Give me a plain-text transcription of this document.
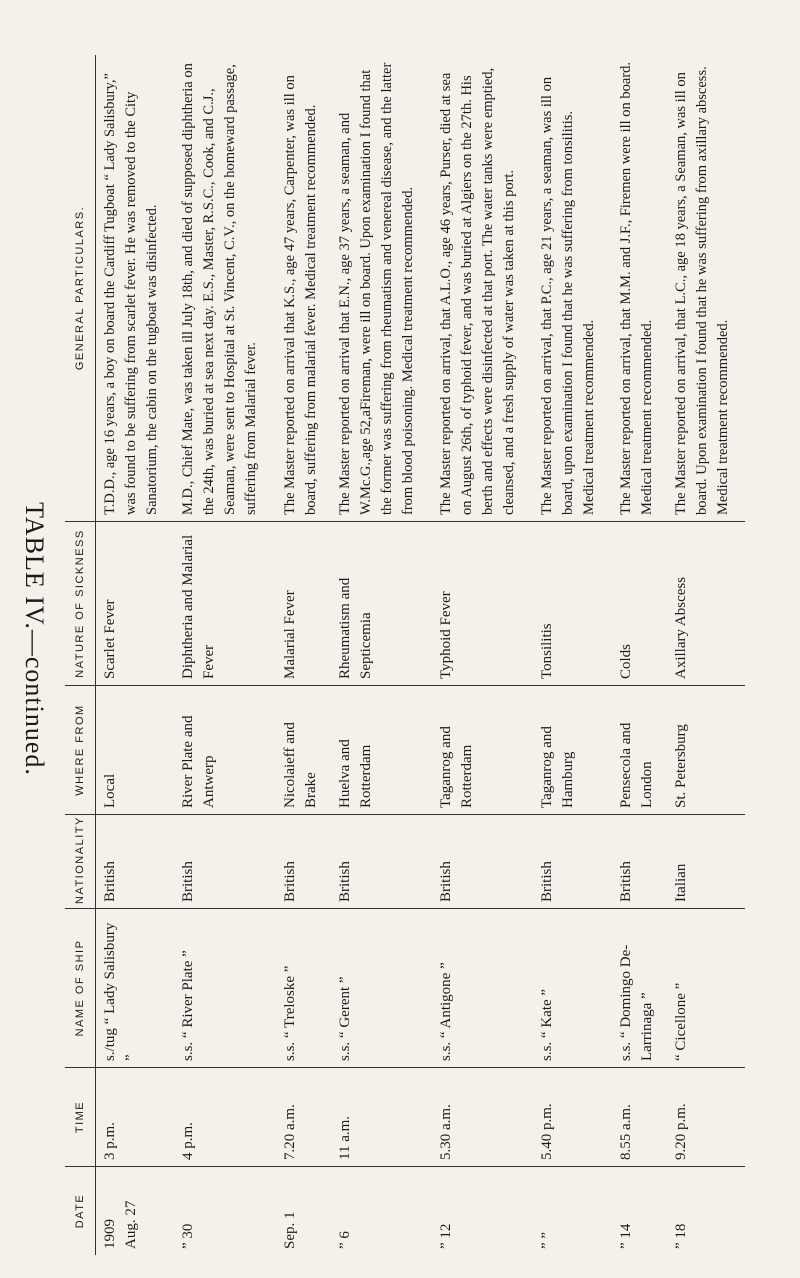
TABLE IV.—continued.
DATE	TIME	NAME OF SHIP	NATIONALITY	WHERE FROM	NATURE OF SICKNESS	GENERAL PARTICULARS.

1909 Aug. 27	3 p.m.	s./tug “ Lady Salisbury ”	British	Local	Scarlet Fever	T.D.D., age 16 years, a boy on board the Cardiff Tugboat “ Lady Salisbury,” was found to be suffering from scarlet fever. He was removed to the City Sanatorium, the cabin on the tugboat was disinfected.
” 30	4 p.m.	s.s. “ River Plate ”	British	River Plate and Antwerp	Diphtheria and Malarial Fever	M.D., Chief Mate, was taken ill July 18th, and died of supposed diphtheria on the 24th, was buried at sea next day. E.S., Master, R.S.C., Cook, and C.J., Seaman, were sent to Hospital at St. Vincent, C.V., on the homeward passage, suffering from Malarial fever.
Sep. 1	7.20 a.m.	s.s. “ Treloske ”	British	Nicolaieff and Brake	Malarial Fever	The Master reported on arrival that K.S., age 47 years, Carpenter, was ill on board, suffering from malarial fever. Medical treatment recommended.
” 6	11 a.m.	s.s. “ Gerent ”	British	Huelva and Rotterdam	Rheumatism and Septicemia	The Master reported on arrival that E.N., age 37 years, a seaman, and W.Mc.G.,age 52,aFireman, were ill on board. Upon examination I found that the former was suffering from rheumatism and venereal disease, and the latter from blood poisoning. Medical treatment recommended.
” 12	5.30 a.m.	s.s. “ Antigone ”	British	Taganrog and Rotterdam	Typhoid Fever	The Master reported on arrival, that A.L.O., age 46 years, Purser, died at sea on August 26th, of typhoid fever, and was buried at Algiers on the 27th. His berth and effects were disinfected at that port. The water tanks were emptied, cleansed, and a fresh supply of water was taken at this port.
” ”	5.40 p.m.	s.s. “ Kate ”	British	Taganrog and Hamburg	Tonsilitis	The Master reported on arrival, that P.C., age 21 years, a seaman, was ill on board, upon examination I found that he was suffering from tonsilitis. Medical treatment recommended.
” 14	8.55 a.m.	s.s. “ Domingo De-Larrinaga ”	British	Pensecola and London	Colds	The Master reported on arrival, that M.M. and J.F., Firemen were ill on board. Medical treatment recommended.
” 18	9.20 p.m.	“ Cicellone ”	Italian	St. Petersburg	Axillary Abscess	The Master reported on arrival, that L.C., age 18 years, a Seaman, was ill on board. Upon examination I found that he was suffering from axillary abscess. Medical treatment recommended.
